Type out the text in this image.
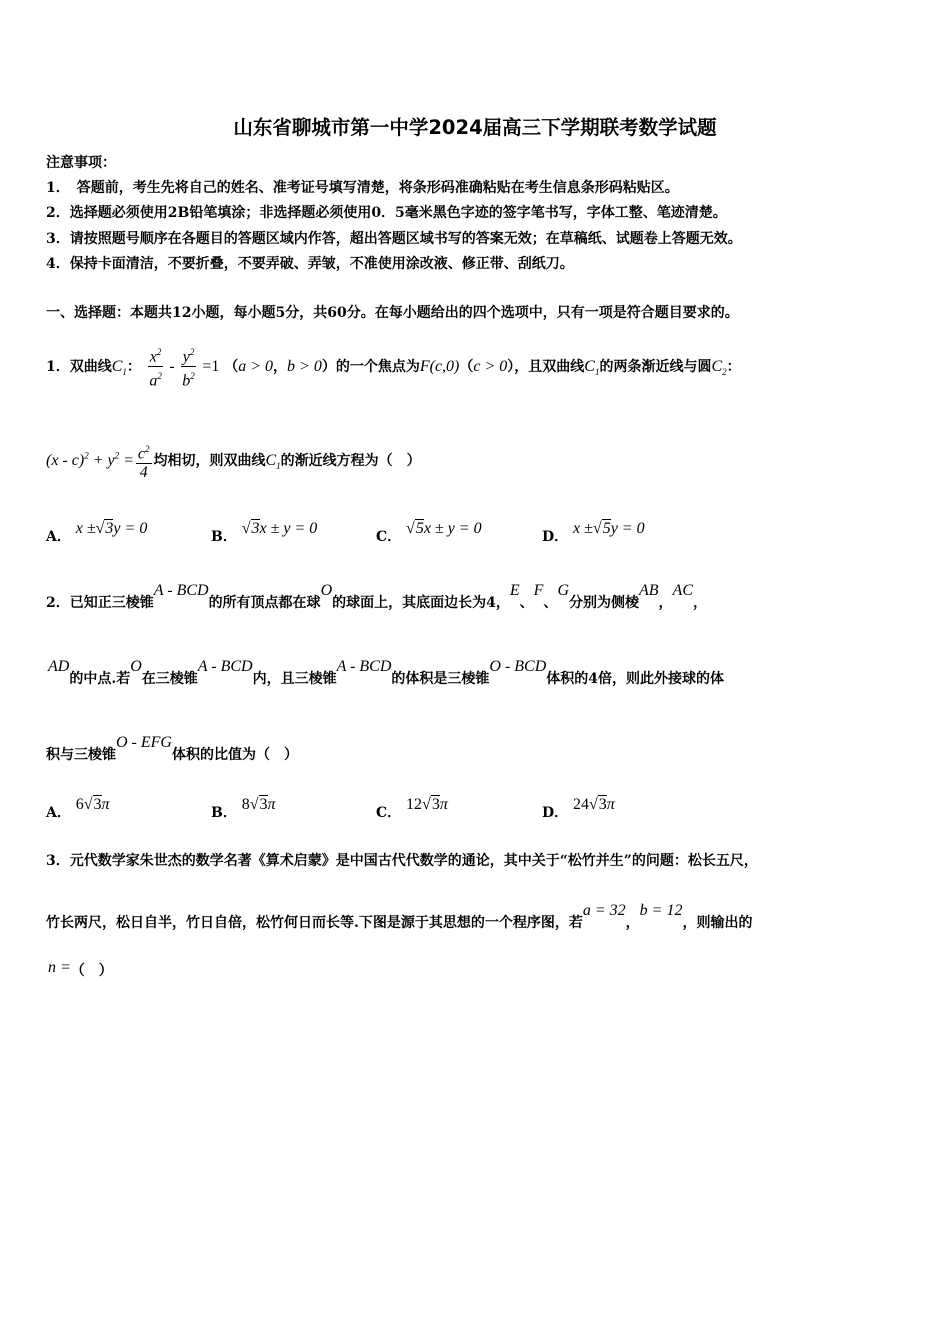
山东省聊城市第一中学2024届高三下学期联考数学试题
注意事项：
1．　答题前，考生先将自己的姓名、准考证号填写清楚，将条形码准确粘贴在考生信息条形码粘贴区。
2．选择题必须使用2B铅笔填涂；非选择题必须使用0．5毫米黑色字迹的签字笔书写，字体工整、笔迹清楚。
3．请按照题号顺序在各题目的答题区域内作答，超出答题区域书写的答案无效；在草稿纸、试题卷上答题无效。
4．保持卡面清洁，不要折叠，不要弄破、弄皱，不准使用涂改液、修正带、刮纸刀。
一、选择题：本题共12小题，每小题5分，共60分。在每小题给出的四个选项中，只有一项是符合题目要求的。
1．双曲线$C_1$： $\frac{x^2}{a^2} - \frac{y^2}{b^2} =1$ （a > 0，b > 0）的一个焦点为F(c,0)（c > 0），且双曲线$C_1$的两条渐近线与圆$C_2$：
$(x - c)^2 + y^2 = \frac{c^2}{4}$ 均相切，则双曲线$C_1$的渐近线方程为（　）
A． x ±√3y = 0	B． √3x ± y = 0	C． √5x ± y = 0	D． x ±√5y = 0
2．已知正三棱锥A - BCD的所有顶点都在球O的球面上，其底面边长为4，E、F、G分别为侧棱AB，AC，
AD的中点.若O在三棱锥A - BCD内，且三棱锥A - BCD的体积是三棱锥O - BCD体积的4倍，则此外接球的体
积与三棱锥O - EFG体积的比值为（　）
A． 6√3π	B． 8√3π	C． 12√3π	D． 24√3π
3．元代数学家朱世杰的数学名著《算术启蒙》是中国古代代数学的通论，其中关于“松竹并生”的问题：松长五尺，
竹长两尺，松日自半，竹日自倍，松竹何日而长等.下图是源于其思想的一个程序图，若a = 32，b = 12，则输出的
n =（　）
